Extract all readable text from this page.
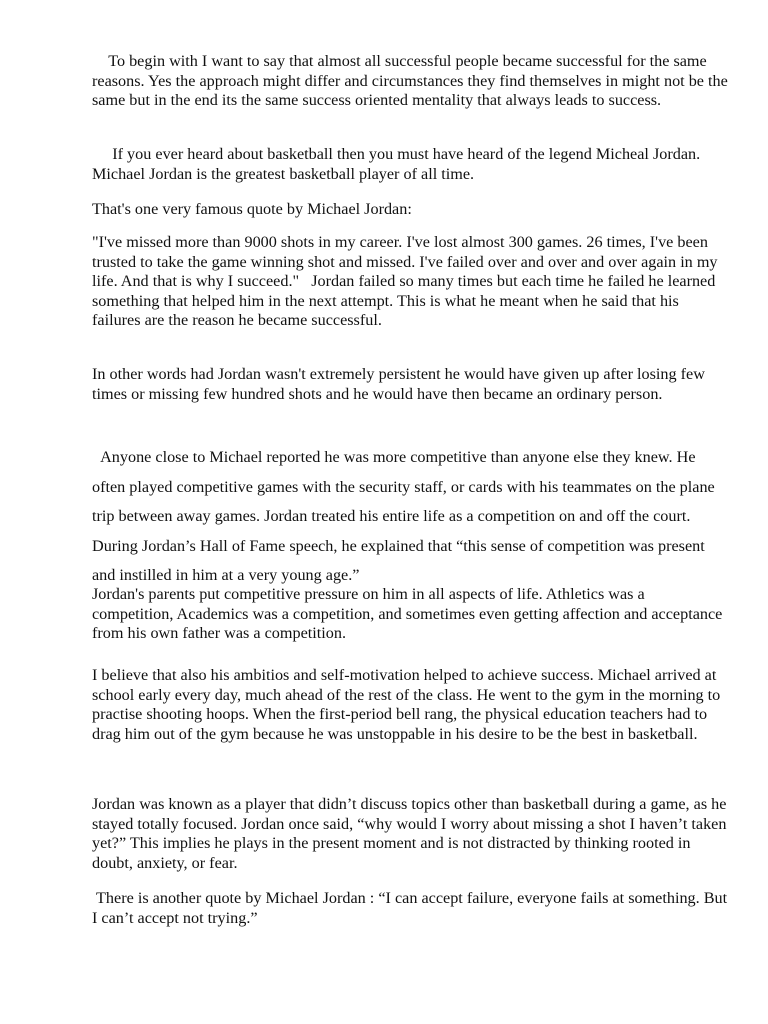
To begin with I want to say that almost all successful people became successful for the same reasons. Yes the approach might differ and circumstances they find themselves in might not be the same but in the end its the same success oriented mentality that always leads to success.

If you ever heard about basketball then you must have heard of the legend Micheal Jordan.  Michael Jordan is the greatest basketball player of all time.

That's one very famous quote by Michael Jordan:

"I've missed more than 9000 shots in my career. I've lost almost 300 games. 26 times, I've been trusted to take the game winning shot and missed. I've failed over and over and over again in my life. And that is why I succeed."   Jordan failed so many times but each time he failed he learned something that helped him in the next attempt. This is what he meant when he said that his failures are the reason he became successful.

In other words had Jordan wasn't extremely persistent he would have given up after losing few times or missing few hundred shots and he would have then became an ordinary person.

Anyone close to Michael reported he was more competitive than anyone else they knew. He often played competitive games with the security staff, or cards with his teammates on the plane trip between away games. Jordan treated his entire life as a competition on and off the court. During Jordan’s Hall of Fame speech, he explained that “this sense of competition was present and instilled in him at a very young age.”

Jordan's parents put competitive pressure on him in all aspects of life. Athletics was a competition, Academics was a competition, and sometimes even getting affection and acceptance from his own father was a competition.

I believe that also his ambitios and self-motivation helped to achieve success. Michael arrived at school early every day, much ahead of the rest of the class. He went to the gym in the morning to practise shooting hoops. When the first-period bell rang, the physical education teachers had to drag him out of the gym because he was unstoppable in his desire to be the best in basketball.

Jordan was known as a player that didn’t discuss topics other than basketball during a game, as he stayed totally focused. Jordan once said, “why would I worry about missing a shot I haven’t taken yet?” This implies he plays in the present moment and is not distracted by thinking rooted in doubt, anxiety, or fear.

There is another quote by Michael Jordan : “I can accept failure, everyone fails at something. But I can’t accept not trying.”
